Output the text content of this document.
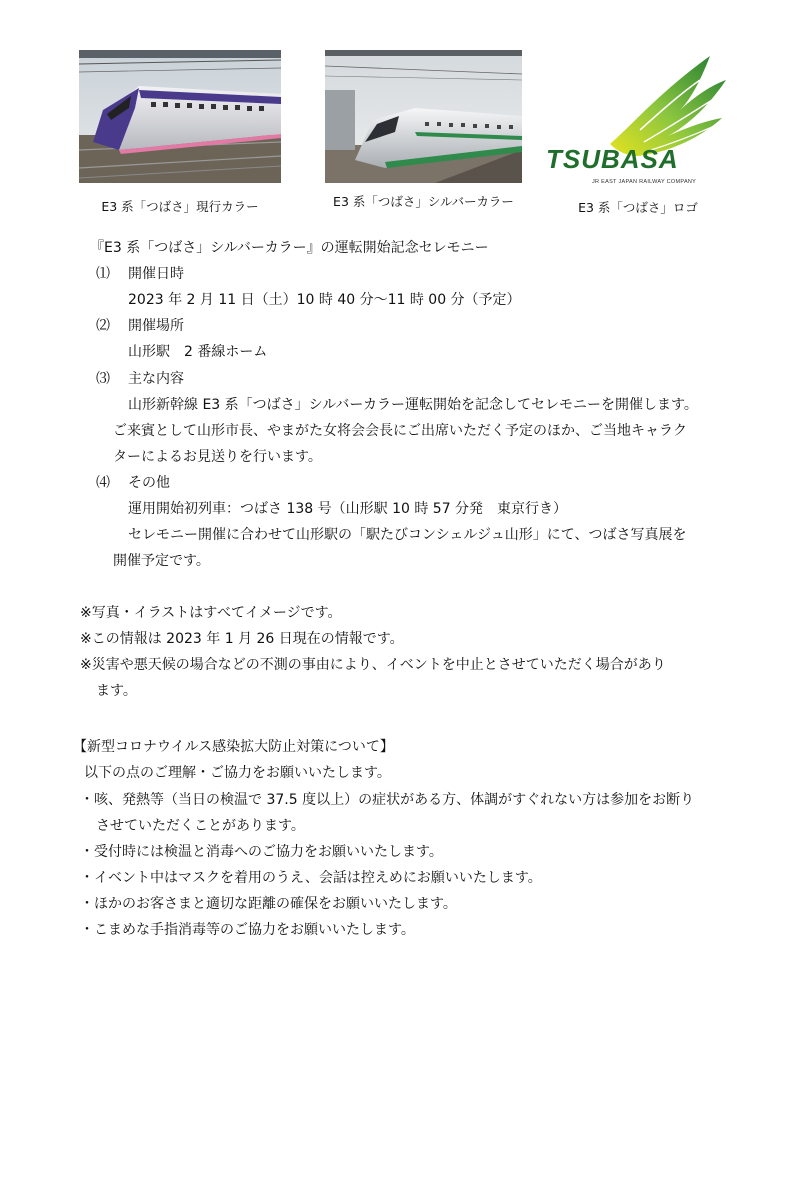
E3 系「つばさ」現行カラー	E3 系「つばさ」シルバーカラー
TSUBASA
JR EAST JAPAN RAILWAY COMPANY
E3 系「つばさ」ロゴ
『E3 系「つばさ」シルバーカラー』の運転開始記念セレモニー
⑴ 開催日時
2023 年 2 月 11 日（土）10 時 40 分～11 時 00 分（予定）
⑵ 開催場所
山形駅　2 番線ホーム
⑶ 主な内容
山形新幹線 E3 系「つばさ」シルバーカラー運転開始を記念してセレモニーを開催します。
ご来賓として山形市長、やまがた女将会会長にご出席いただく予定のほか、ご当地キャラク
ターによるお見送りを行います。
⑷ その他
運用開始初列車：つばさ 138 号（山形駅 10 時 57 分発　東京行き）
セレモニー開催に合わせて山形駅の「駅たびコンシェルジュ山形」にて、つばさ写真展を
開催予定です。
※写真・イラストはすべてイメージです。
※この情報は 2023 年 1 月 26 日現在の情報です。
※災害や悪天候の場合などの不測の事由により、イベントを中止とさせていただく場合があり
ます。
【新型コロナウイルス感染拡大防止対策について】
以下の点のご理解・ご協力をお願いいたします。
・咳、発熱等（当日の検温で 37.5 度以上）の症状がある方、体調がすぐれない方は参加をお断り
させていただくことがあります。
・受付時には検温と消毒へのご協力をお願いいたします。
・イベント中はマスクを着用のうえ、会話は控えめにお願いいたします。
・ほかのお客さまと適切な距離の確保をお願いいたします。
・こまめな手指消毒等のご協力をお願いいたします。
